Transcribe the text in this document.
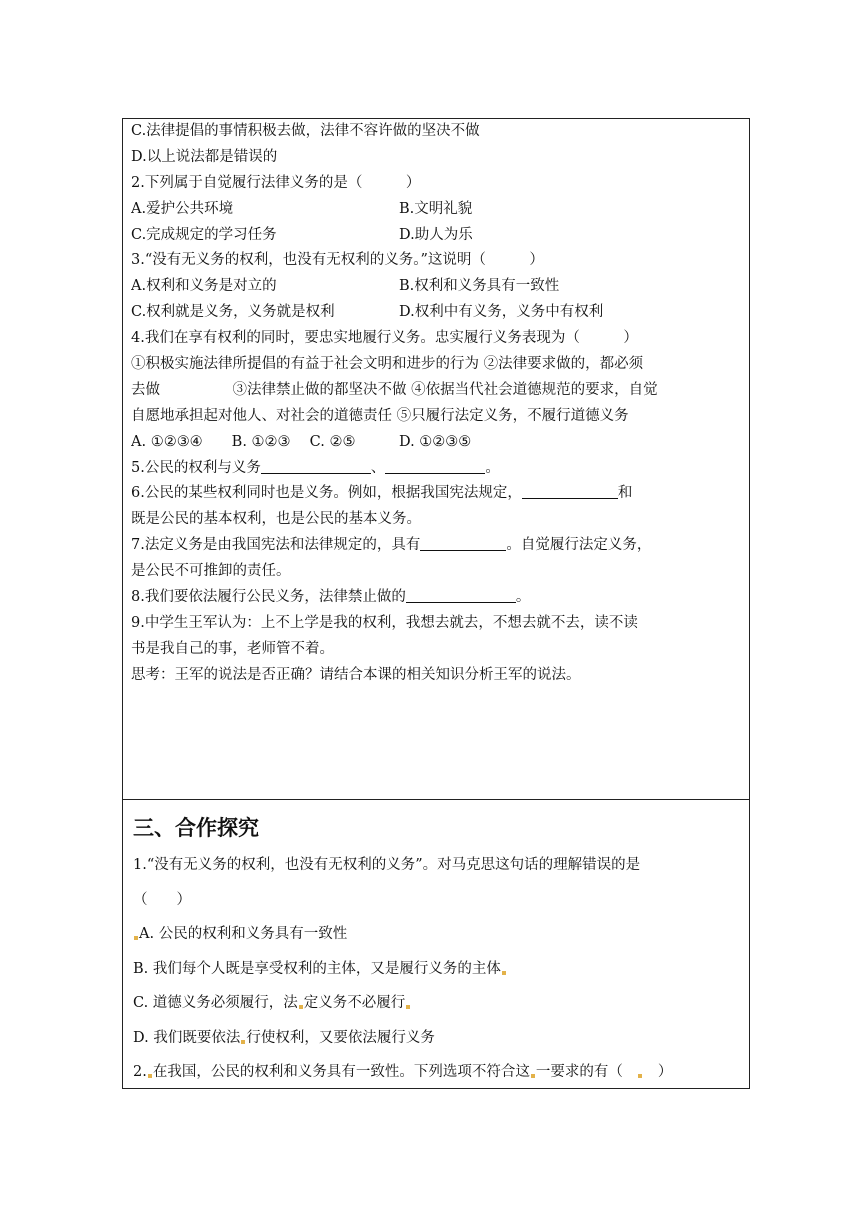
C.法律提倡的事情积极去做，法律不容许做的坚决不做
D.以上说法都是错误的
2.下列属于自觉履行法律义务的是（　　　）
A.爱护公共环境	B.文明礼貌
C.完成规定的学习任务	D.助人为乐
3.“没有无义务的权利，也没有无权利的义务。”这说明（　　　）
A.权利和义务是对立的	B.权利和义务具有一致性
C.权利就是义务，义务就是权利	D.权利中有义务，义务中有权利
4.我们在享有权利的同时，要忠实地履行义务。忠实履行义务表现为（　　　）
①积极实施法律所提倡的有益于社会文明和进步的行为 ②法律要求做的，都必须
去做　　　　　③法律禁止做的都坚决不做 ④依据当代社会道德规范的要求，自觉
自愿地承担起对他人、对社会的道德责任 ⑤只履行法定义务，不履行道德义务
A. ①②③④　　B. ①②③　 C. ②⑤　　　D. ①②③⑤
5.公民的权利与义务	、	。
6.公民的某些权利同时也是义务。例如，根据我国宪法规定，	和
既是公民的基本权利，也是公民的基本义务。
7.法定义务是由我国宪法和法律规定的，具有	。自觉履行法定义务，
是公民不可推卸的责任。
8.我们要依法履行公民义务，法律禁止做的	。
9.中学生王军认为：上不上学是我的权利，我想去就去，不想去就不去，读不读
书是我自己的事，老师管不着。
思考：王军的说法是否正确？请结合本课的相关知识分析王军的说法。
三、合作探究
1.“没有无义务的权利，也没有无权利的义务”。对马克思这句话的理解错误的是
（　　）
A. 公民的权利和义务具有一致性
B. 我们每个人既是享受权利的主体，又是履行义务的主体
C. 道德义务必须履行，法 定义务不必履行
D. 我们既要依法 行使权利，又要依法履行义务
2. 在我国，公民的权利和义务具有一致性。下列选项不符合这 一要求的有（　　）
